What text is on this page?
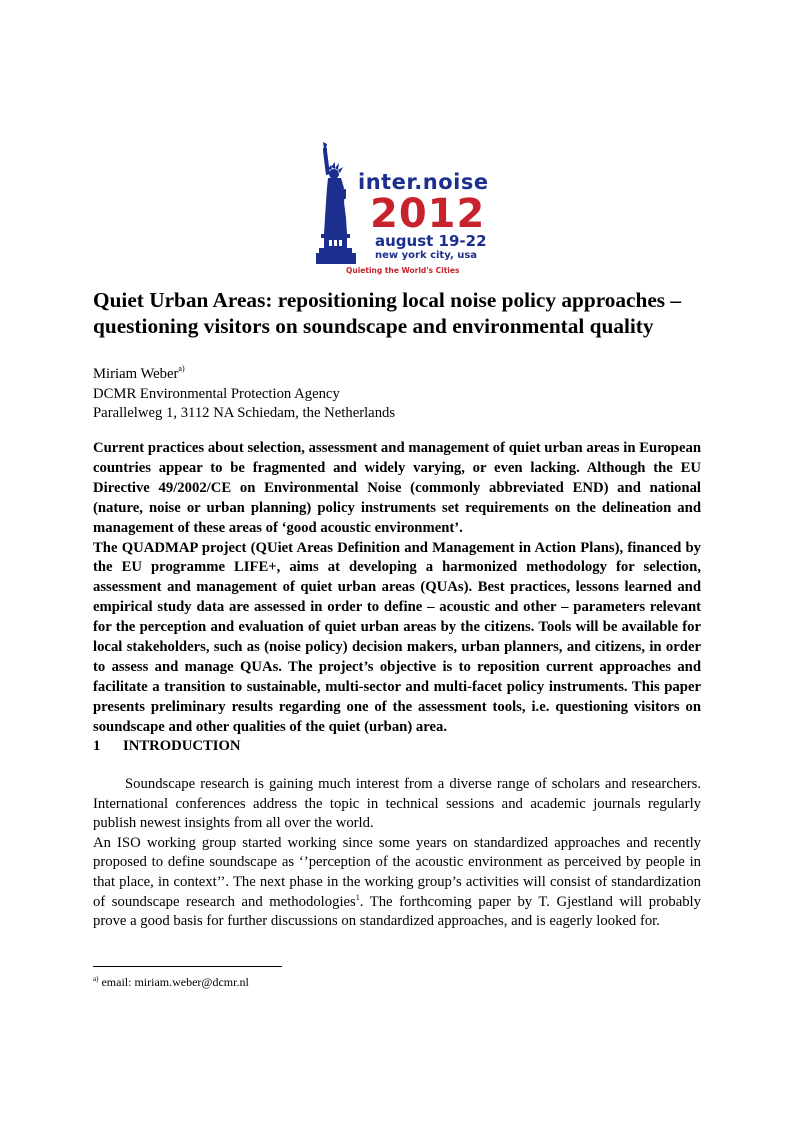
inter.noise
2012
august 19-22
new york city, usa
Quieting the World's Cities
Quiet Urban Areas: repositioning local noise policy approaches –
questioning visitors on soundscape and environmental quality
Miriam Weber$^{a)}$
DCMR Environmental Protection Agency
Parallelweg 1, 3112 NA Schiedam, the Netherlands

Current practices about selection, assessment and management of quiet urban areas in European countries appear to be fragmented and widely varying, or even lacking. Although the EU Directive 49/2002/CE on Environmental Noise (commonly abbreviated END) and national (nature, noise or urban planning) policy instruments set requirements on the delineation and management of these areas of ‘good acoustic environment’.

The QUADMAP project (QUiet Areas Definition and Management in Action Plans), financed by the EU programme LIFE+, aims at developing a harmonized methodology for selection, assessment and management of quiet urban areas (QUAs). Best practices, lessons learned and empirical study data are assessed in order to define – acoustic and other – parameters relevant for the perception and evaluation of quiet urban areas by the citizens. Tools will be available for local stakeholders, such as (noise policy) decision makers, urban planners, and citizens, in order to assess and manage QUAs. The project’s objective is to reposition current approaches and facilitate a transition to sustainable, multi-sector and multi-facet policy instruments. This paper presents preliminary results regarding one of the assessment tools, i.e. questioning visitors on soundscape and other qualities of the quiet (urban) area.

1 INTRODUCTION

Soundscape research is gaining much interest from a diverse range of scholars and researchers. International conferences address the topic in technical sessions and academic journals regularly publish newest insights from all over the world.

An ISO working group started working since some years on standardized approaches and recently proposed to define soundscape as ‘’perception of the acoustic environment as perceived by people in that place, in context’’. The next phase in the working group’s activities will consist of standardization of soundscape research and methodologies$^1$. The forthcoming paper by T. Gjestland will probably prove a good basis for further discussions on standardized approaches, and is eagerly looked for.

$^{a)}$ email: miriam.weber@dcmr.nl
